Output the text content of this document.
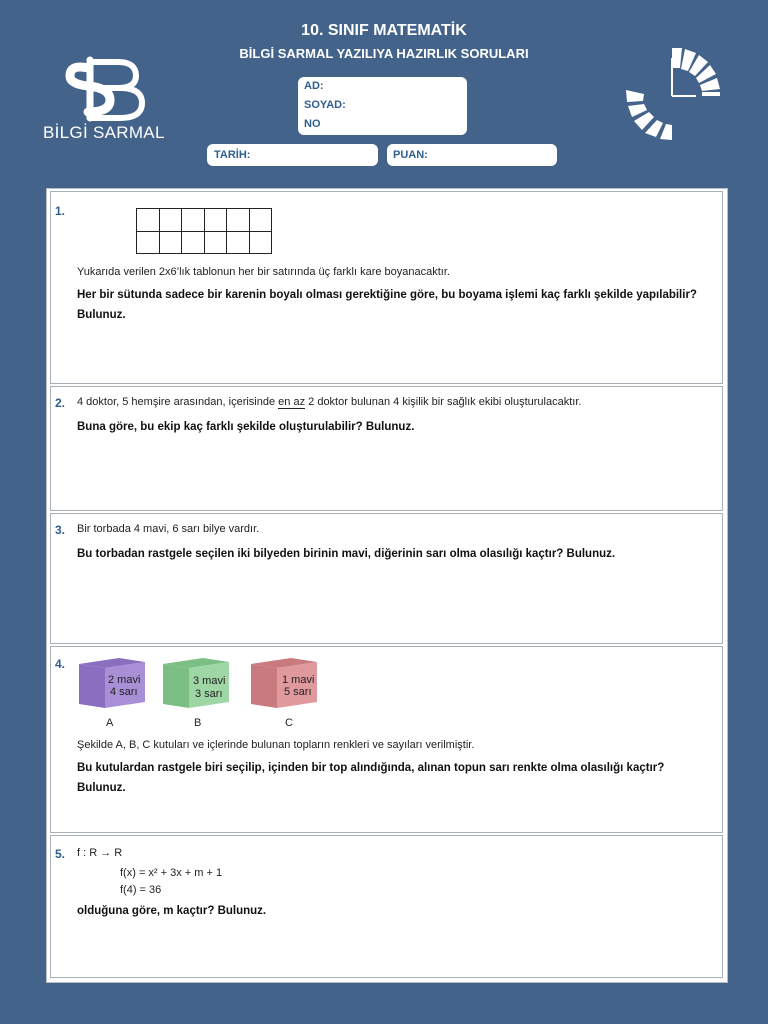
10. SINIF MATEMATİK
BİLGİ SARMAL YAZILIYA HAZIRLIK SORULARI
BİLGİ SARMAL
AD:
SOYAD:
NO
TARİH:	PUAN:
1.

Yukarıda verilen 2x6’lık tablonun her bir satırında üç farklı kare boyanacaktır.
Her bir sütunda sadece bir karenin boyalı olması gerektiğine göre, bu boyama işlemi kaç farklı şekilde yapılabilir? Bulunuz.
2. 4 doktor, 5 hemşire arasından, içerisinde en az 2 doktor bulunan 4 kişilik bir sağlık ekibi oluşturulacaktır.
Buna göre, bu ekip kaç farklı şekilde oluşturulabilir? Bulunuz.
3. Bir torbada 4 mavi, 6 sarı bilye vardır.
Bu torbadan rastgele seçilen iki bilyeden birinin mavi, diğerinin sarı olma olasılığı kaçtır? Bulunuz.
4.
2 mavi
4 sarı
A
3 mavi
3 sarı
B
1 mavi
5 sarı
C
Şekilde A, B, C kutuları ve içlerinde bulunan topların renkleri ve sayıları verilmiştir.
Bu kutulardan rastgele biri seçilip, içinden bir top alındığında, alınan topun sarı renkte olma olasılığı kaçtır? Bulunuz.
5. f : R → R
f(x) = x² + 3x + m + 1
f(4) = 36
olduğuna göre, m kaçtır? Bulunuz.
